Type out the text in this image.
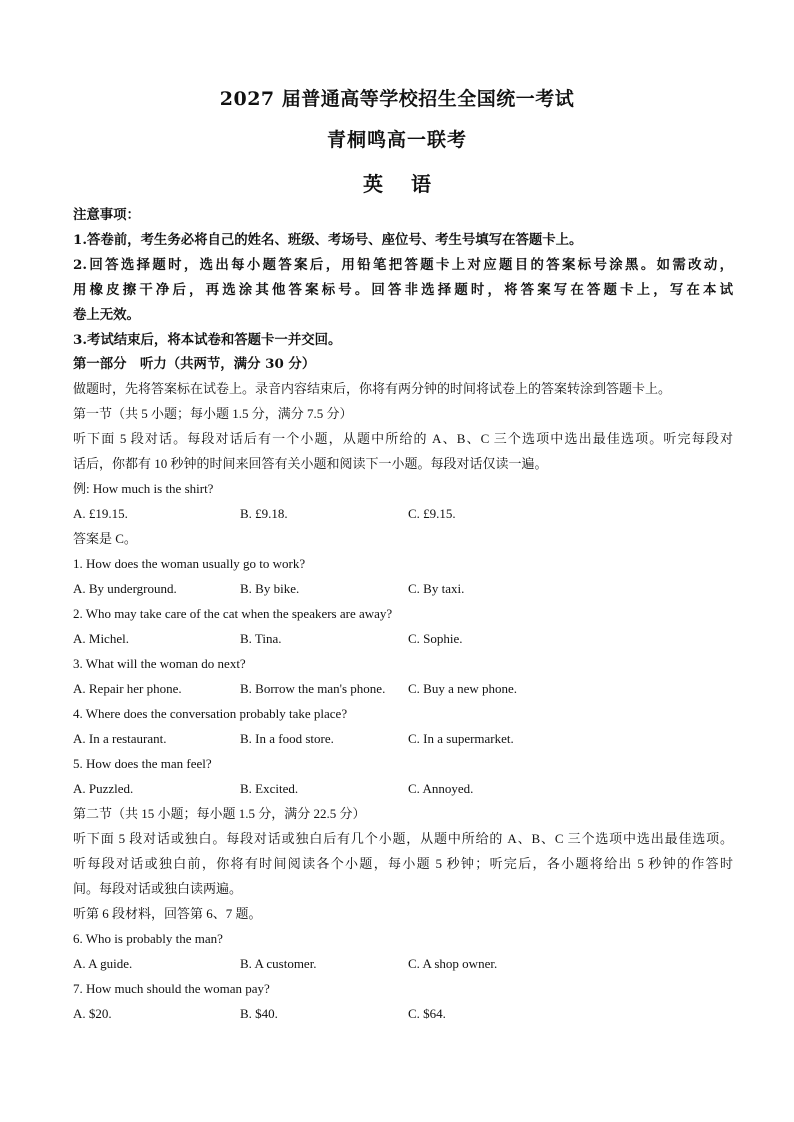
2027 届普通高等学校招生全国统一考试
青桐鸣高一联考
英 语
注意事项：
1.答卷前，考生务必将自己的姓名、班级、考场号、座位号、考生号填写在答题卡上。
2.回答选择题时，选出每小题答案后，用铅笔把答题卡上对应题目的答案标号涂黑。如需改动，
用橡皮擦干净后，再选涂其他答案标号。回答非选择题时，将答案写在答题卡上，写在本试
卷上无效。
3.考试结束后，将本试卷和答题卡一并交回。
第一部分　听力（共两节，满分 30 分）
做题时，先将答案标在试卷上。录音内容结束后，你将有两分钟的时间将试卷上的答案转涂到答题卡上。
第一节（共 5 小题；每小题 1.5 分，满分 7.5 分）
听下面 5 段对话。每段对话后有一个小题，从题中所给的 A、B、C 三个选项中选出最佳选项。听完每段对
话后，你都有 10 秒钟的时间来回答有关小题和阅读下一小题。每段对话仅读一遍。
例: How much is the shirt?
A. £19.15.	B. £9.18.	C. £9.15.
答案是 C。
1. How does the woman usually go to work?
A. By underground.	B. By bike.	C. By taxi.
2. Who may take care of the cat when the speakers are away?
A. Michel.	B. Tina.	C. Sophie.
3. What will the woman do next?
A. Repair her phone.	B. Borrow the man's phone. C. Buy a new phone.
4. Where does the conversation probably take place?
A. In a restaurant.	B. In a food store.	C. In a supermarket.
5. How does the man feel?
A. Puzzled.	B. Excited.	C. Annoyed.
第二节（共 15 小题；每小题 1.5 分，满分 22.5 分）
听下面 5 段对话或独白。每段对话或独白后有几个小题，从题中所给的 A、B、C 三个选项中选出最佳选项。
听每段对话或独白前，你将有时间阅读各个小题，每小题 5 秒钟；听完后，各小题将给出 5 秒钟的作答时
间。每段对话或独白读两遍。
听第 6 段材料，回答第 6、7 题。
6. Who is probably the man?
A. A guide.	B. A customer.	C. A shop owner.
7. How much should the woman pay?
A. $20.	B. $40.	C. $64.
